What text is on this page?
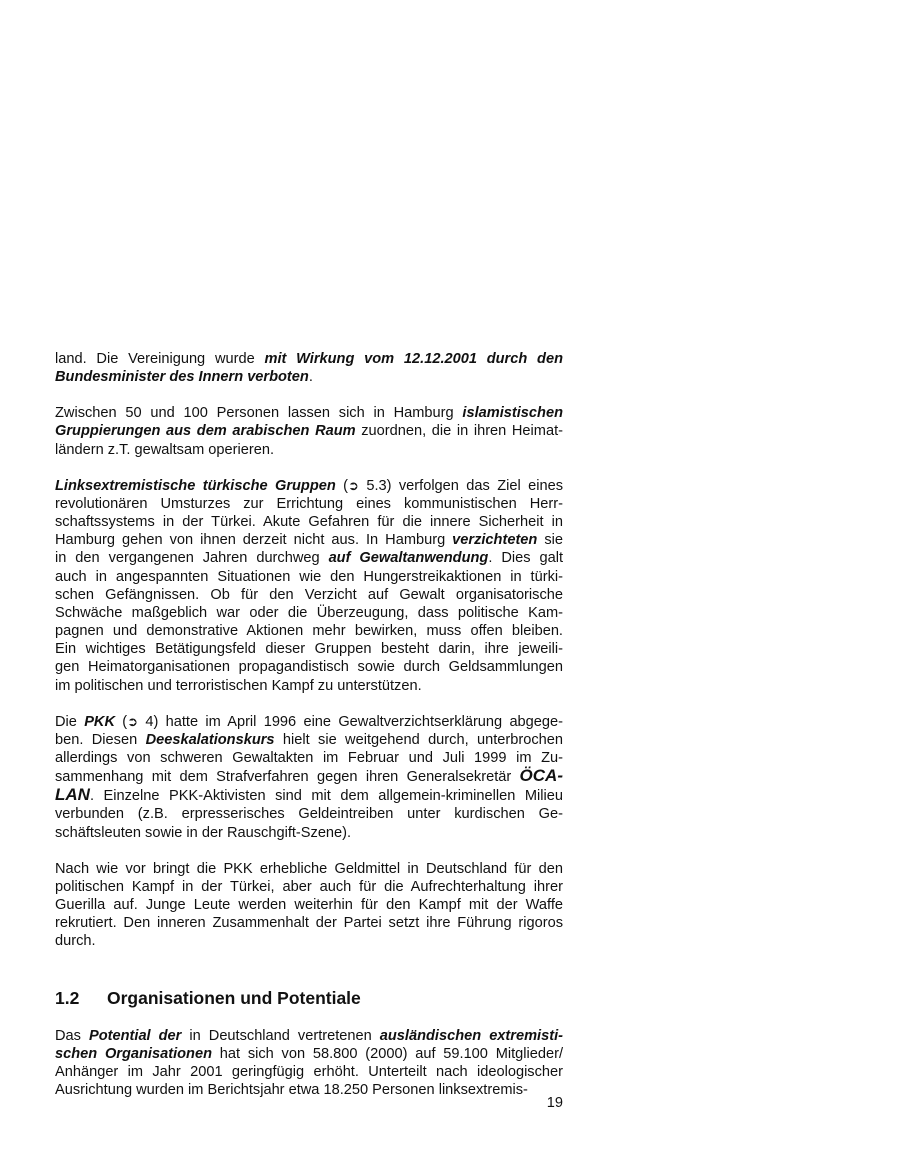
land. Die Vereinigung wurde mit Wirkung vom 12.12.2001 durch den
Bundesminister des Innern verboten.

Zwischen 50 und 100 Personen lassen sich in Hamburg islamistischen
Gruppierungen aus dem arabischen Raum zuordnen, die in ihren Heimat-
ländern z.T. gewaltsam operieren.

Linksextremistische türkische Gruppen (➲ 5.3) verfolgen das Ziel eines
revolutionären Umsturzes zur Errichtung eines kommunistischen Herr-
schaftssystems in der Türkei. Akute Gefahren für die innere Sicherheit in
Hamburg gehen von ihnen derzeit nicht aus. In Hamburg verzichteten sie
in den vergangenen Jahren durchweg auf Gewaltanwendung. Dies galt
auch in angespannten Situationen wie den Hungerstreikaktionen in türki-
schen Gefängnissen. Ob für den Verzicht auf Gewalt organisatorische
Schwäche maßgeblich war oder die Überzeugung, dass politische Kam-
pagnen und demonstrative Aktionen mehr bewirken, muss offen bleiben.
Ein wichtiges Betätigungsfeld dieser Gruppen besteht darin, ihre jeweili-
gen Heimatorganisationen propagandistisch sowie durch Geldsammlungen
im politischen und terroristischen Kampf zu unterstützen.

Die PKK (➲ 4) hatte im April 1996 eine Gewaltverzichtserklärung abgege-
ben. Diesen Deeskalationskurs hielt sie weitgehend durch, unterbrochen
allerdings von schweren Gewaltakten im Februar und Juli 1999 im Zu-
sammenhang mit dem Strafverfahren gegen ihren Generalsekretär ÖCA-
LAN. Einzelne PKK-Aktivisten sind mit dem allgemein-kriminellen Milieu
verbunden (z.B. erpresserisches Geldeintreiben unter kurdischen Ge-
schäftsleuten sowie in der Rauschgift-Szene).

Nach wie vor bringt die PKK erhebliche Geldmittel in Deutschland für den
politischen Kampf in der Türkei, aber auch für die Aufrechterhaltung ihrer
Guerilla auf. Junge Leute werden weiterhin für den Kampf mit der Waffe
rekrutiert. Den inneren Zusammenhalt der Partei setzt ihre Führung rigoros
durch.

1.2	Organisationen und Potentiale

Das Potential der in Deutschland vertretenen ausländischen extremisti-
schen Organisationen hat sich von 58.800 (2000) auf 59.100 Mitglieder/
Anhänger im Jahr 2001 geringfügig erhöht. Unterteilt nach ideologischer
Ausrichtung wurden im Berichtsjahr etwa 18.250 Personen linksextremis-

19
